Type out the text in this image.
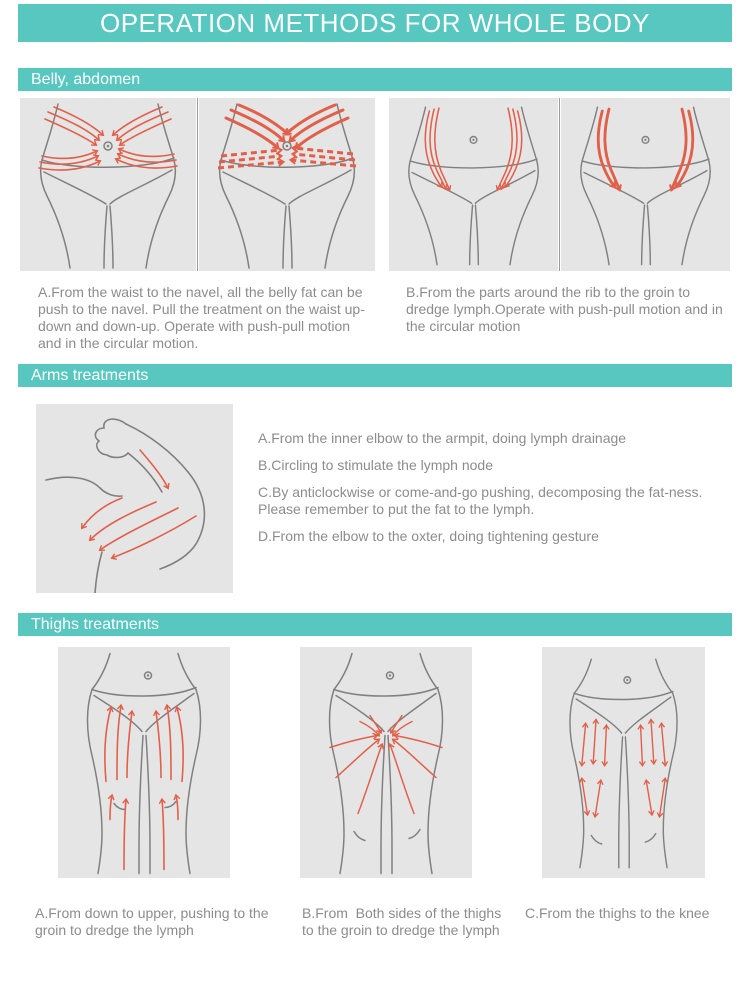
OPERATION METHODS FOR WHOLE BODY
Belly, abdomen

A.From the waist to the navel, all the belly fat can be push to the navel. Pull the treatment on the waist up-down and down-up. Operate with push-pull motion  and in the circular motion.

B.From the parts around the rib to the groin to dredge lymph.Operate with push-pull motion and in the circular motion

Arms treatments

A.From the inner elbow to the armpit, doing lymph drainage

B.Circling to stimulate the lymph node

C.By anticlockwise or come-and-go pushing, decomposing the fat-ness. Please remember to put the fat to the lymph.

D.From the elbow to the oxter, doing tightening gesture

Thighs treatments

A.From down to upper, pushing to the groin to dredge the lymph

B.From  Both sides of the thighs to the groin to dredge the lymph

C.From the thighs to the knee
